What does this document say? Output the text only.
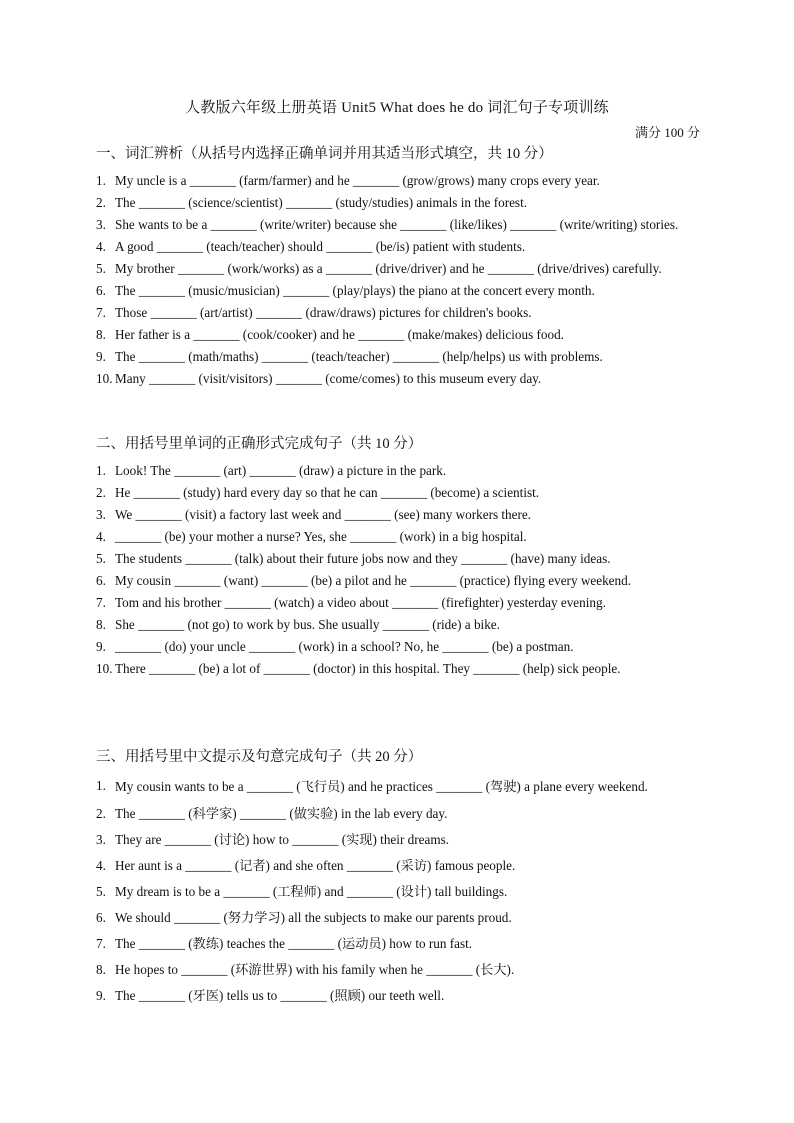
人教版六年级上册英语 Unit5 What does he do 词汇句子专项训练
满分 100 分
一、词汇辨析（从括号内选择正确单词并用其适当形式填空，共 10 分）
1. My uncle is a _______ (farm/farmer) and he _______ (grow/grows) many crops every year.
2. The _______ (science/scientist) _______ (study/studies) animals in the forest.
3. She wants to be a _______ (write/writer) because she _______ (like/likes) _______ (write/writing) stories.
4. A good _______ (teach/teacher) should _______ (be/is) patient with students.
5. My brother _______ (work/works) as a _______ (drive/driver) and he _______ (drive/drives) carefully.
6. The _______ (music/musician) _______ (play/plays) the piano at the concert every month.
7. Those _______ (art/artist) _______ (draw/draws) pictures for children's books.
8. Her father is a _______ (cook/cooker) and he _______ (make/makes) delicious food.
9. The _______ (math/maths) _______ (teach/teacher) _______ (help/helps) us with problems.
10. Many _______ (visit/visitors) _______ (come/comes) to this museum every day.
二、用括号里单词的正确形式完成句子（共 10 分）
1. Look! The _______ (art) _______ (draw) a picture in the park.
2. He _______ (study) hard every day so that he can _______ (become) a scientist.
3. We _______ (visit) a factory last week and _______ (see) many workers there.
4. _______ (be) your mother a nurse? Yes, she _______ (work) in a big hospital.
5. The students _______ (talk) about their future jobs now and they _______ (have) many ideas.
6. My cousin _______ (want) _______ (be) a pilot and he _______ (practice) flying every weekend.
7. Tom and his brother _______ (watch) a video about _______ (firefighter) yesterday evening.
8. She _______ (not go) to work by bus. She usually _______ (ride) a bike.
9. _______ (do) your uncle _______ (work) in a school? No, he _______ (be) a postman.
10. There _______ (be) a lot of _______ (doctor) in this hospital. They _______ (help) sick people.
三、用括号里中文提示及句意完成句子（共 20 分）
1. My cousin wants to be a _______ (飞行员) and he practices _______ (驾驶) a plane every weekend.
2. The _______ (科学家) _______ (做实验) in the lab every day.
3. They are _______ (讨论) how to _______ (实现) their dreams.
4. Her aunt is a _______ (记者) and she often _______ (采访) famous people.
5. My dream is to be a _______ (工程师) and _______ (设计) tall buildings.
6. We should _______ (努力学习) all the subjects to make our parents proud.
7. The _______ (教练) teaches the _______ (运动员) how to run fast.
8. He hopes to _______ (环游世界) with his family when he _______ (长大).
9. The _______ (牙医) tells us to _______ (照顾) our teeth well.
